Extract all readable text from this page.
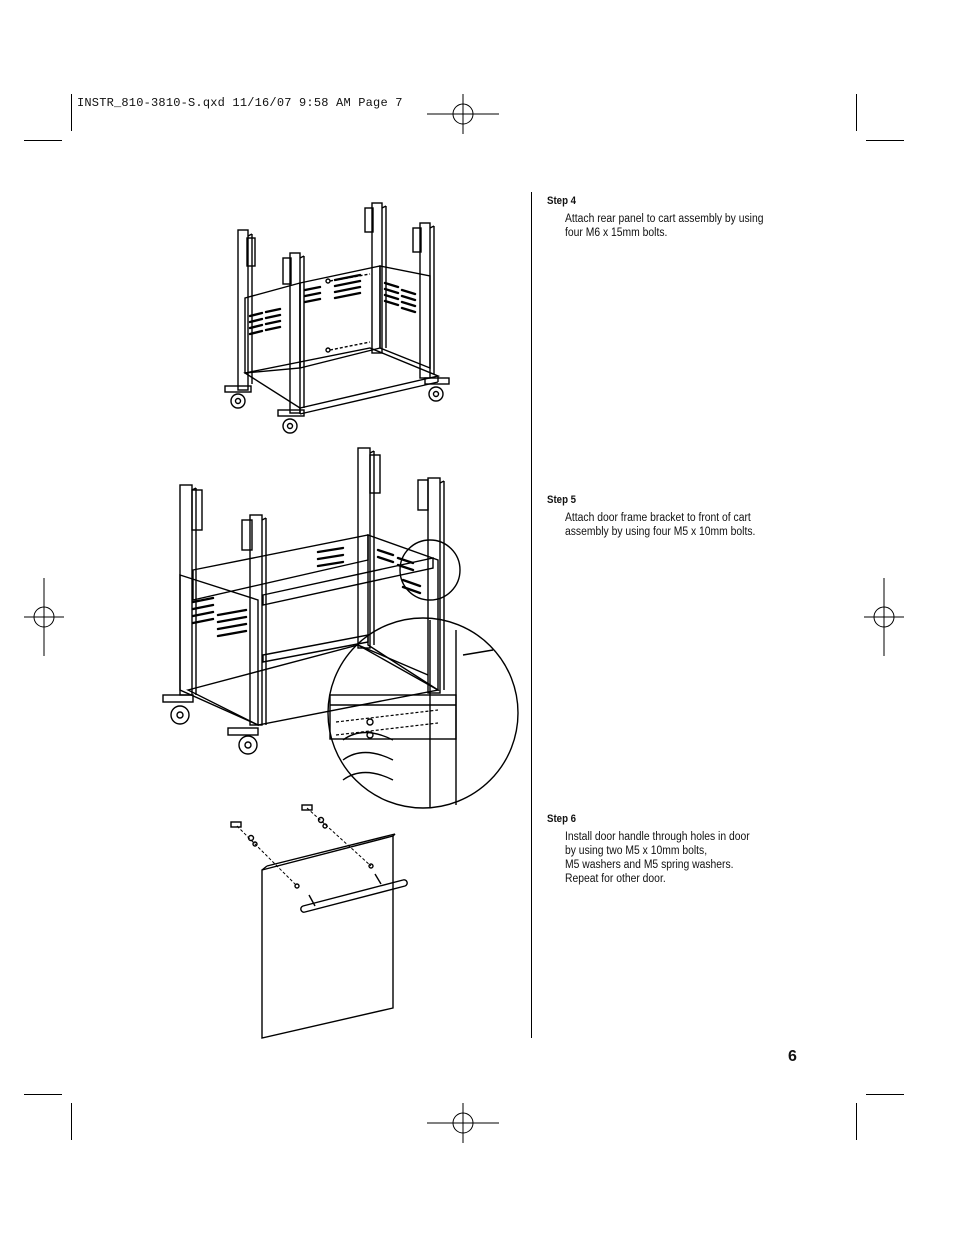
INSTR_810-3810-S.qxd 11/16/07 9:58 AM Page 7
Step 4
Attach rear panel to cart assembly by using
four M6 x 15mm bolts.
Step 5
Attach door frame bracket to front of cart
assembly by using four M5 x 10mm bolts.
Step 6
Install door handle through holes in door
by using two M5 x 10mm bolts,
M5 washers and M5 spring washers.
Repeat for other door.
6
